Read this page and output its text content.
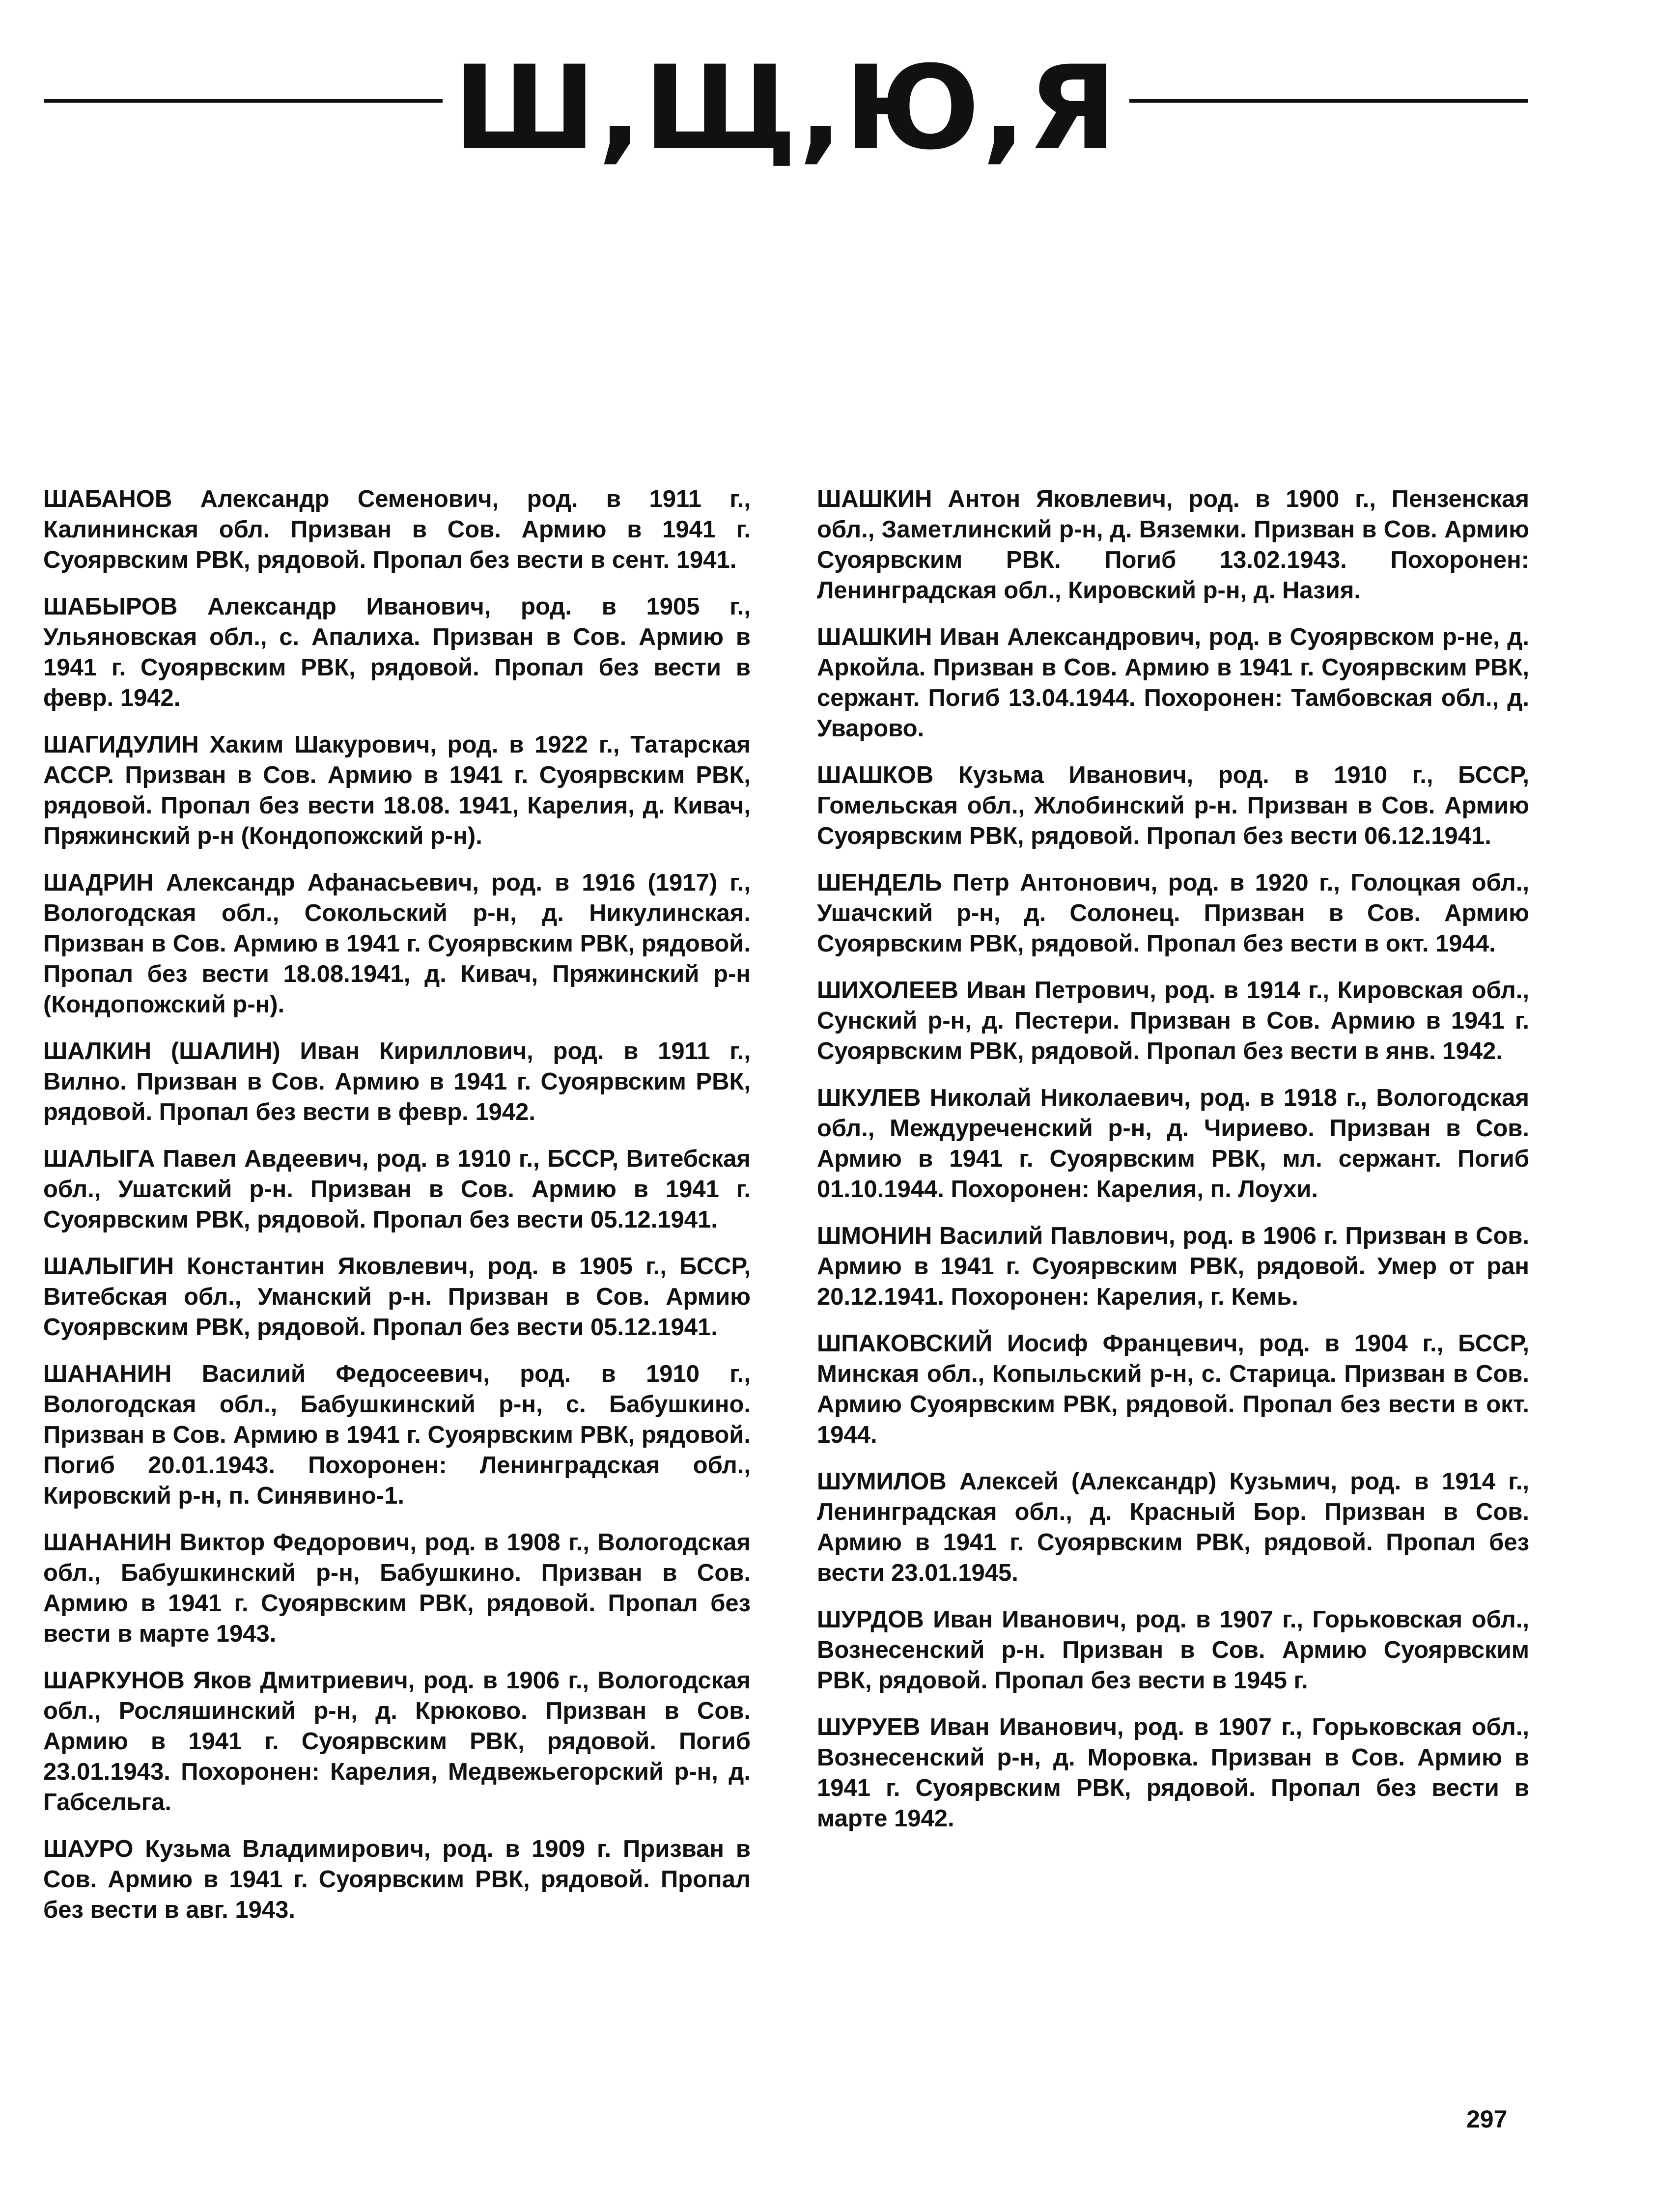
Ш,Щ,Ю,Я

ШАБАНОВ Александр Семенович, род. в 1911 г., Калининская обл. Призван в Сов. Армию в 1941 г. Суоярвским РВК, рядовой. Пропал без вести в сент. 1941.

ШАБЫРОВ Александр Иванович, род. в 1905 г., Ульяновская обл., с. Апалиха. Призван в Сов. Армию в 1941 г. Суоярвским РВК, рядовой. Пропал без вести в февр. 1942.

ШАГИДУЛИН Хаким Шакурович, род. в 1922 г., Татарская АССР. Призван в Сов. Армию в 1941 г. Суоярвским РВК, рядовой. Пропал без вести 18.08. 1941, Карелия, д. Кивач, Пряжинский р-н (Кондопожский р-н).

ШАДРИН Александр Афанасьевич, род. в 1916 (1917) г., Вологодская обл., Сокольский р-н, д. Никулинская. Призван в Сов. Армию в 1941 г. Суоярвским РВК, рядовой. Пропал без вести 18.08.1941, д. Кивач, Пряжинский р-н (Кондопожский р-н).

ШАЛКИН (ШАЛИН) Иван Кириллович, род. в 1911 г., Вилно. Призван в Сов. Армию в 1941 г. Суоярвским РВК, рядовой. Пропал без вести в февр. 1942.

ШАЛЫГА Павел Авдеевич, род. в 1910 г., БССР, Витебская обл., Ушатский р-н. Призван в Сов. Армию в 1941 г. Суоярвским РВК, рядовой. Пропал без вести 05.12.1941.

ШАЛЫГИН Константин Яковлевич, род. в 1905 г., БССР, Витебская обл., Уманский р-н. Призван в Сов. Армию Суоярвским РВК, рядовой. Пропал без вести 05.12.1941.

ШАНАНИН Василий Федосеевич, род. в 1910 г., Вологодская обл., Бабушкинский р-н, с. Бабушкино. Призван в Сов. Армию в 1941 г. Суоярвским РВК, рядовой. Погиб 20.01.1943. Похоронен: Ленинградская обл., Кировский р-н, п. Синявино-1.

ШАНАНИН Виктор Федорович, род. в 1908 г., Вологодская обл., Бабушкинский р-н, Бабушкино. Призван в Сов. Армию в 1941 г. Суоярвским РВК, рядовой. Пропал без вести в марте 1943.

ШАРКУНОВ Яков Дмитриевич, род. в 1906 г., Вологодская обл., Росляшинский р-н, д. Крюково. Призван в Сов. Армию в 1941 г. Суоярвским РВК, рядовой. Погиб 23.01.1943. Похоронен: Карелия, Медвежьегорский р-н, д. Габсельга.

ШАУРО Кузьма Владимирович, род. в 1909 г. Призван в Сов. Армию в 1941 г. Суоярвским РВК, рядовой. Пропал без вести в авг. 1943.

ШАШКИН Антон Яковлевич, род. в 1900 г., Пензенская обл., Заметлинский р-н, д. Вяземки. Призван в Сов. Армию Суоярвским РВК. Погиб 13.02.1943. Похоронен: Ленинградская обл., Кировский р-н, д. Назия.

ШАШКИН Иван Александрович, род. в Суоярвском р-не, д. Аркойла. Призван в Сов. Армию в 1941 г. Суоярвским РВК, сержант. Погиб 13.04.1944. Похоронен: Тамбовская обл., д. Уварово.

ШАШКОВ Кузьма Иванович, род. в 1910 г., БССР, Гомельская обл., Жлобинский р-н. Призван в Сов. Армию Суоярвским РВК, рядовой. Пропал без вести 06.12.1941.

ШЕНДЕЛЬ Петр Антонович, род. в 1920 г., Голоцкая обл., Ушачский р-н, д. Солонец. Призван в Сов. Армию Суоярвским РВК, рядовой. Пропал без вести в окт. 1944.

ШИХОЛЕЕВ Иван Петрович, род. в 1914 г., Кировская обл., Сунский р-н, д. Пестери. Призван в Сов. Армию в 1941 г. Суоярвским РВК, рядовой. Пропал без вести в янв. 1942.

ШКУЛЕВ Николай Николаевич, род. в 1918 г., Вологодская обл., Междуреченский р-н, д. Чириево. Призван в Сов. Армию в 1941 г. Суоярвским РВК, мл. сержант. Погиб 01.10.1944. Похоронен: Карелия, п. Лоухи.

ШМОНИН Василий Павлович, род. в 1906 г. Призван в Сов. Армию в 1941 г. Суоярвским РВК, рядовой. Умер от ран 20.12.1941. Похоронен: Карелия, г. Кемь.

ШПАКОВСКИЙ Иосиф Францевич, род. в 1904 г., БССР, Минская обл., Копыльский р-н, с. Старица. Призван в Сов. Армию Суоярвским РВК, рядовой. Пропал без вести в окт. 1944.

ШУМИЛОВ Алексей (Александр) Кузьмич, род. в 1914 г., Ленинградская обл., д. Красный Бор. Призван в Сов. Армию в 1941 г. Суоярвским РВК, рядовой. Пропал без вести 23.01.1945.

ШУРДОВ Иван Иванович, род. в 1907 г., Горьковская обл., Вознесенский р-н. Призван в Сов. Армию Суоярвским РВК, рядовой. Пропал без вести в 1945 г.

ШУРУЕВ Иван Иванович, род. в 1907 г., Горьковская обл., Вознесенский р-н, д. Моровка. Призван в Сов. Армию в 1941 г. Суоярвским РВК, рядовой. Пропал без вести в марте 1942.

297
